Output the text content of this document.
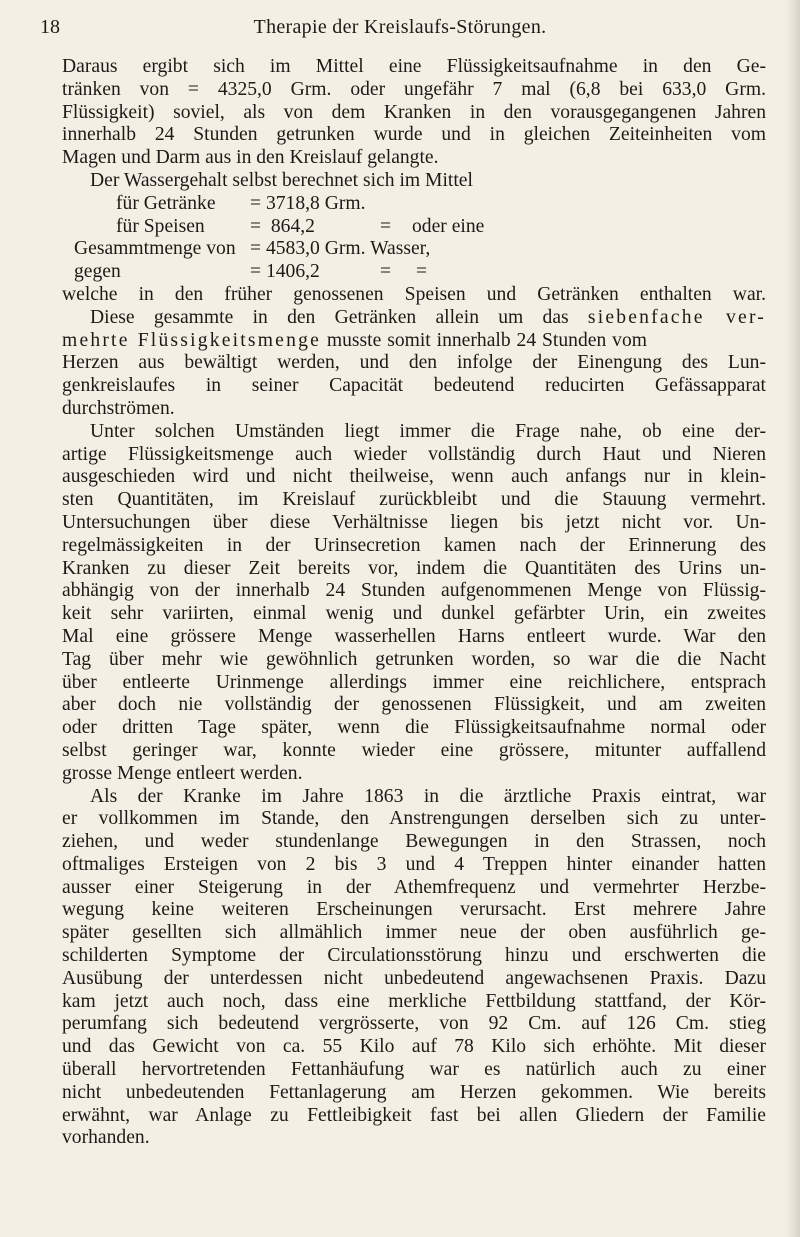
18	Therapie der Kreislaufs-Störungen.
Daraus ergibt sich im Mittel eine Flüssigkeitsaufnahme in den Ge-
tränken von = 4325,0 Grm. oder ungefähr 7 mal (6,8 bei 633,0 Grm.
Flüssigkeit) soviel, als von dem Kranken in den vorausgegangenen Jahren
innerhalb 24 Stunden getrunken wurde und in gleichen Zeiteinheiten vom
Magen und Darm aus in den Kreislauf gelangte.
Der Wassergehalt selbst berechnet sich im Mittel
für Getränke = 3718,8 Grm.
für Speisen =  864,2	= oder eine
Gesammtmenge von = 4583,0 Grm. Wasser,
gegen	= 1406,2	= =
welche in den früher genossenen Speisen und Getränken enthalten war.
Diese gesammte in den Getränken allein um das siebenfache ver-
mehrte Flüssigkeitsmenge musste somit innerhalb 24 Stunden vom
Herzen aus bewältigt werden, und den infolge der Einengung des Lun-
genkreislaufes in seiner Capacität bedeutend reducirten Gefässapparat
durchströmen.
Unter solchen Umständen liegt immer die Frage nahe, ob eine der-
artige Flüssigkeitsmenge auch wieder vollständig durch Haut und Nieren
ausgeschieden wird und nicht theilweise, wenn auch anfangs nur in klein-
sten Quantitäten, im Kreislauf zurückbleibt und die Stauung vermehrt.
Untersuchungen über diese Verhältnisse liegen bis jetzt nicht vor. Un-
regelmässigkeiten in der Urinsecretion kamen nach der Erinnerung des
Kranken zu dieser Zeit bereits vor, indem die Quantitäten des Urins un-
abhängig von der innerhalb 24 Stunden aufgenommenen Menge von Flüssig-
keit sehr variirten, einmal wenig und dunkel gefärbter Urin, ein zweites
Mal eine grössere Menge wasserhellen Harns entleert wurde. War den
Tag über mehr wie gewöhnlich getrunken worden, so war die die Nacht
über entleerte Urinmenge allerdings immer eine reichlichere, entsprach
aber doch nie vollständig der genossenen Flüssigkeit, und am zweiten
oder dritten Tage später, wenn die Flüssigkeitsaufnahme normal oder
selbst geringer war, konnte wieder eine grössere, mitunter auffallend
grosse Menge entleert werden.
Als der Kranke im Jahre 1863 in die ärztliche Praxis eintrat, war
er vollkommen im Stande, den Anstrengungen derselben sich zu unter-
ziehen, und weder stundenlange Bewegungen in den Strassen, noch
oftmaliges Ersteigen von 2 bis 3 und 4 Treppen hinter einander hatten
ausser einer Steigerung in der Athemfrequenz und vermehrter Herzbe-
wegung keine weiteren Erscheinungen verursacht. Erst mehrere Jahre
später gesellten sich allmählich immer neue der oben ausführlich ge-
schilderten Symptome der Circulationsstörung hinzu und erschwerten die
Ausübung der unterdessen nicht unbedeutend angewachsenen Praxis. Dazu
kam jetzt auch noch, dass eine merkliche Fettbildung stattfand, der Kör-
perumfang sich bedeutend vergrösserte, von 92 Cm. auf 126 Cm. stieg
und das Gewicht von ca. 55 Kilo auf 78 Kilo sich erhöhte. Mit dieser
überall hervortretenden Fettanhäufung war es natürlich auch zu einer
nicht unbedeutenden Fettanlagerung am Herzen gekommen. Wie bereits
erwähnt, war Anlage zu Fettleibigkeit fast bei allen Gliedern der Familie
vorhanden.
